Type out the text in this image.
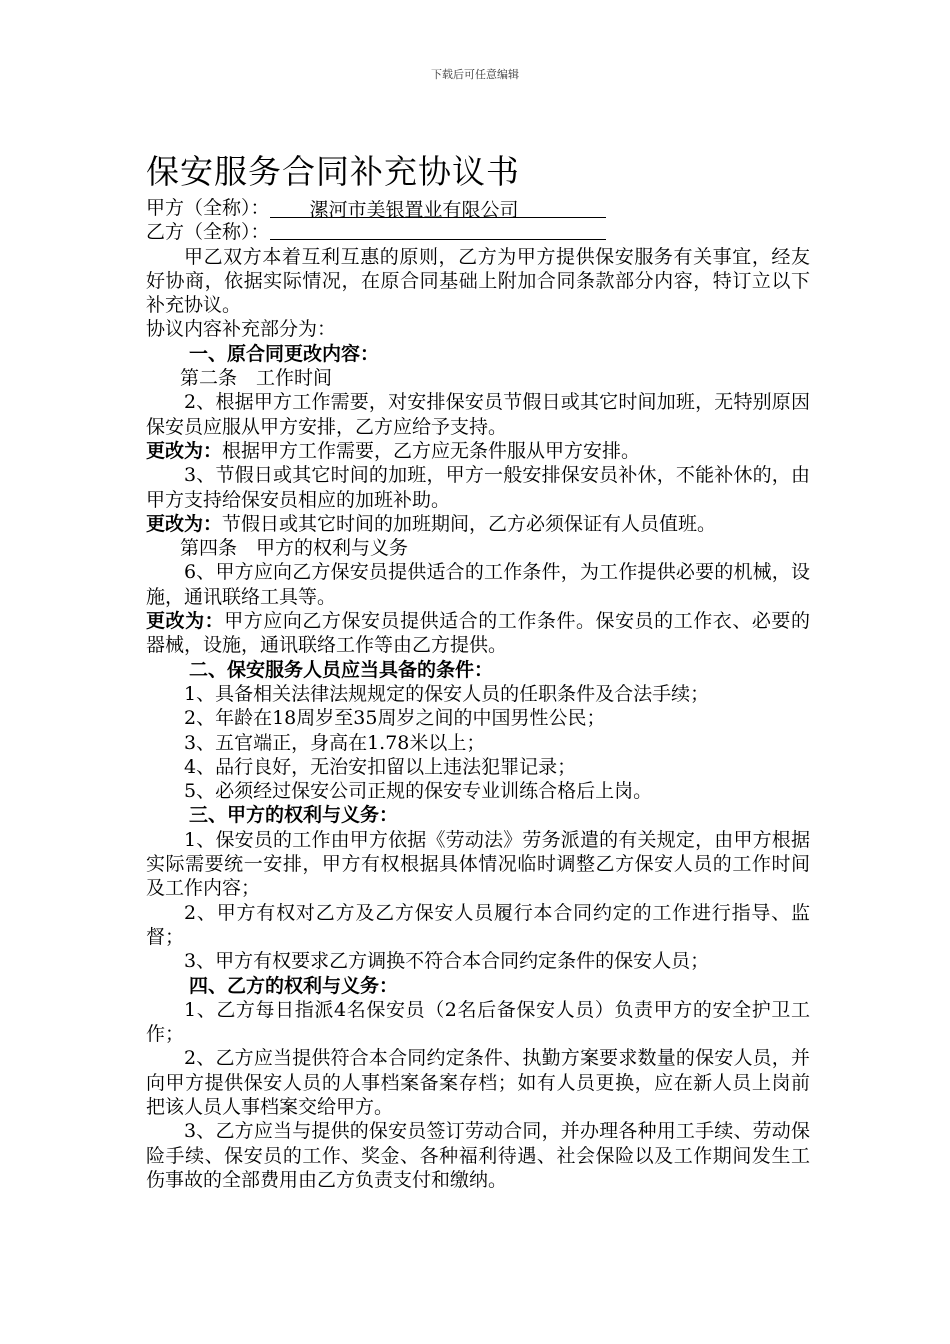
下载后可任意编辑
保安服务合同补充协议书
甲方（全称）： 漯河市美银置业有限公司
乙方（全称）：
甲乙双方本着互利互惠的原则，乙方为甲方提供保安服务有关事宜，经友好协商，依据实际情况，在原合同基础上附加合同条款部分内容，特订立以下补充协议。
协议内容补充部分为：
一、原合同更改内容：
第二条　工作时间
2、根据甲方工作需要，对安排保安员节假日或其它时间加班，无特别原因保安员应服从甲方安排，乙方应给予支持。
更改为：根据甲方工作需要，乙方应无条件服从甲方安排。
3、节假日或其它时间的加班，甲方一般安排保安员补休，不能补休的，由甲方支持给保安员相应的加班补助。
更改为：节假日或其它时间的加班期间，乙方必须保证有人员值班。
第四条　甲方的权利与义务
6、甲方应向乙方保安员提供适合的工作条件，为工作提供必要的机械，设施，通讯联络工具等。
更改为：甲方应向乙方保安员提供适合的工作条件。保安员的工作衣、必要的器械，设施，通讯联络工作等由乙方提供。
二、保安服务人员应当具备的条件：
1、具备相关法律法规规定的保安人员的任职条件及合法手续；
2、年龄在18周岁至35周岁之间的中国男性公民；
3、五官端正，身高在1.78米以上；
4、品行良好，无治安扣留以上违法犯罪记录；
5、必须经过保安公司正规的保安专业训练合格后上岗。
三、甲方的权利与义务：
1、保安员的工作由甲方依据《劳动法》劳务派遣的有关规定，由甲方根据实际需要统一安排，甲方有权根据具体情况临时调整乙方保安人员的工作时间及工作内容；
2、甲方有权对乙方及乙方保安人员履行本合同约定的工作进行指导、监督；
3、甲方有权要求乙方调换不符合本合同约定条件的保安人员；
四、乙方的权利与义务：
1、乙方每日指派4名保安员（2名后备保安人员）负责甲方的安全护卫工作；
2、乙方应当提供符合本合同约定条件、执勤方案要求数量的保安人员，并向甲方提供保安人员的人事档案备案存档；如有人员更换，应在新人员上岗前把该人员人事档案交给甲方。
3、乙方应当与提供的保安员签订劳动合同，并办理各种用工手续、劳动保险手续、保安员的工作、奖金、各种福利待遇、社会保险以及工作期间发生工伤事故的全部费用由乙方负责支付和缴纳。
